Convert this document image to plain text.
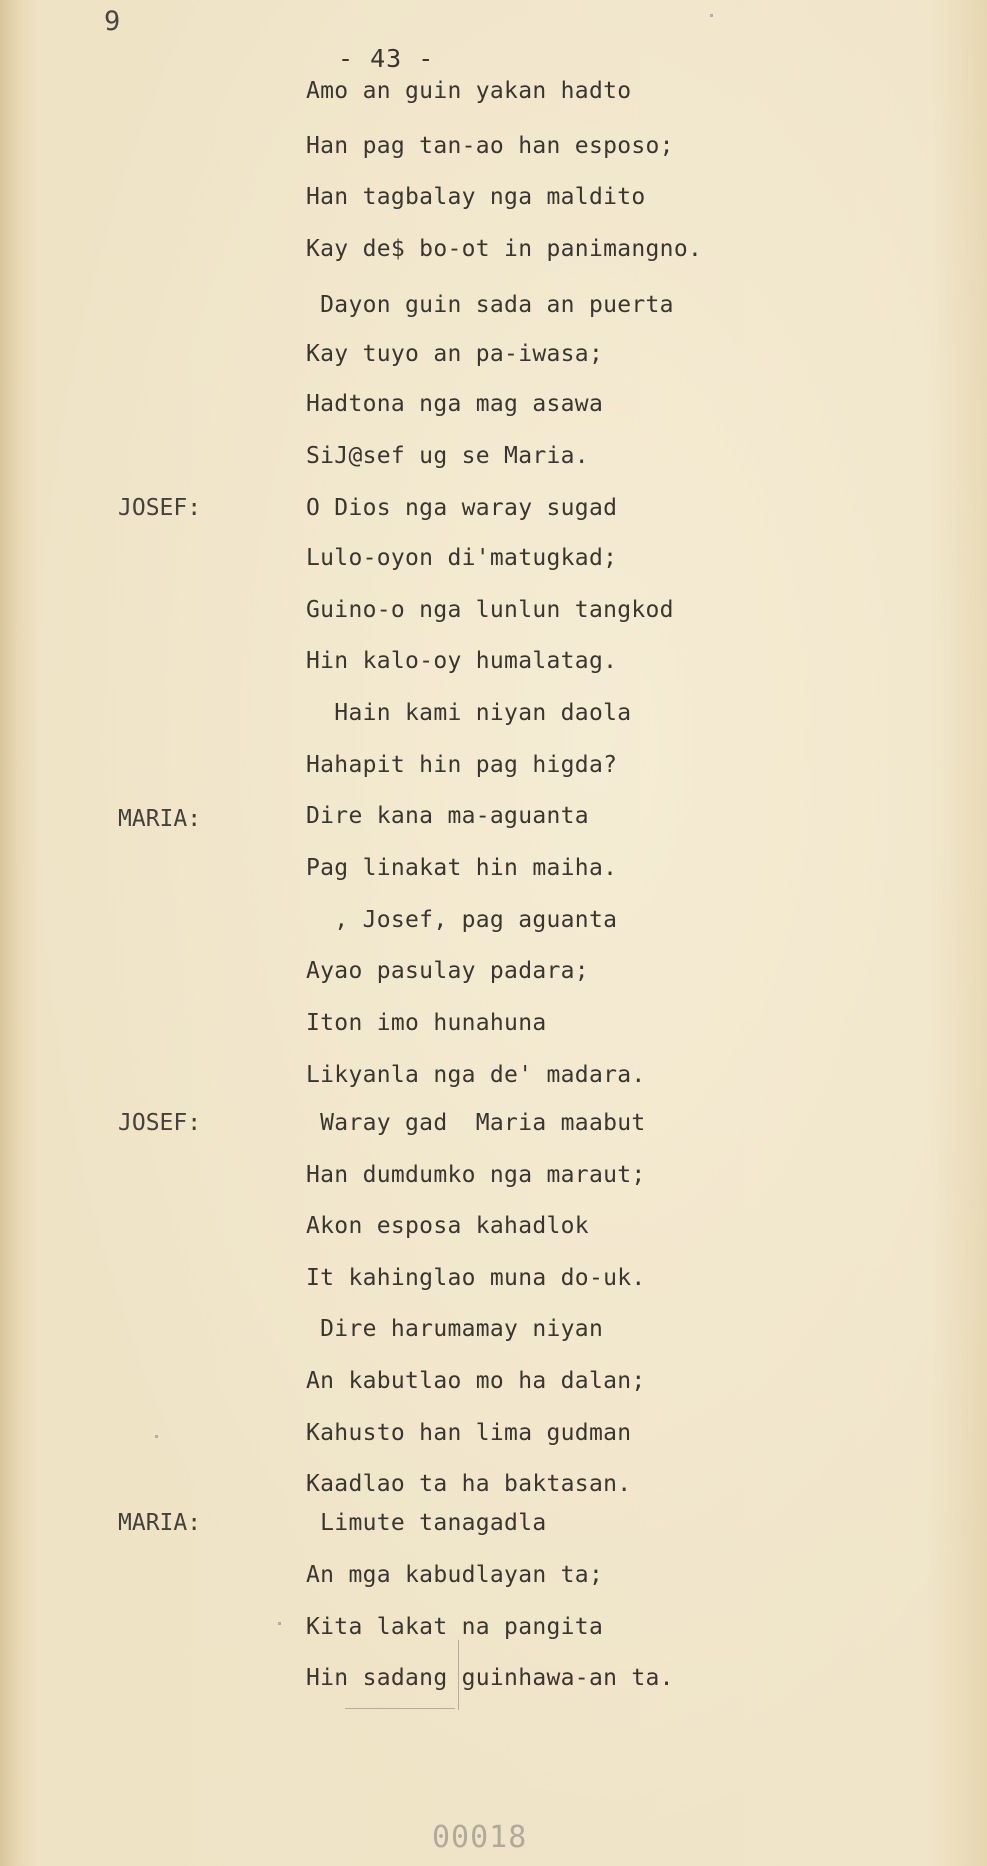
9
- 43 -
JOSEF:
MARIA:
JOSEF:
MARIA:
Amo an guin yakan hadto
Han pag tan-ao han esposo;
Han tagbalay nga maldito
Kay de$ bo-ot in panimangno.
Dayon guin sada an puerta
Kay tuyo an pa-iwasa;
Hadtona nga mag asawa
SiJ@sef ug se Maria.
O Dios nga waray sugad
Lulo-oyon di'matugkad;
Guino-o nga lunlun tangkod
Hin kalo-oy humalatag.
Hain kami niyan daola
Hahapit hin pag higda?
Dire kana ma-aguanta
Pag linakat hin maiha.
, Josef, pag aguanta
Ayao pasulay padara;
Iton imo hunahuna
Likyanla nga de' madara.
Waray gad  Maria maabut
Han dumdumko nga maraut;
Akon esposa kahadlok
It kahinglao muna do-uk.
Dire harumamay niyan
An kabutlao mo ha dalan;
Kahusto han lima gudman
Kaadlao ta ha baktasan.
Limute tanagadla
An mga kabudlayan ta;
Kita lakat na pangita
Hin sadang guinhawa-an ta.
00018
